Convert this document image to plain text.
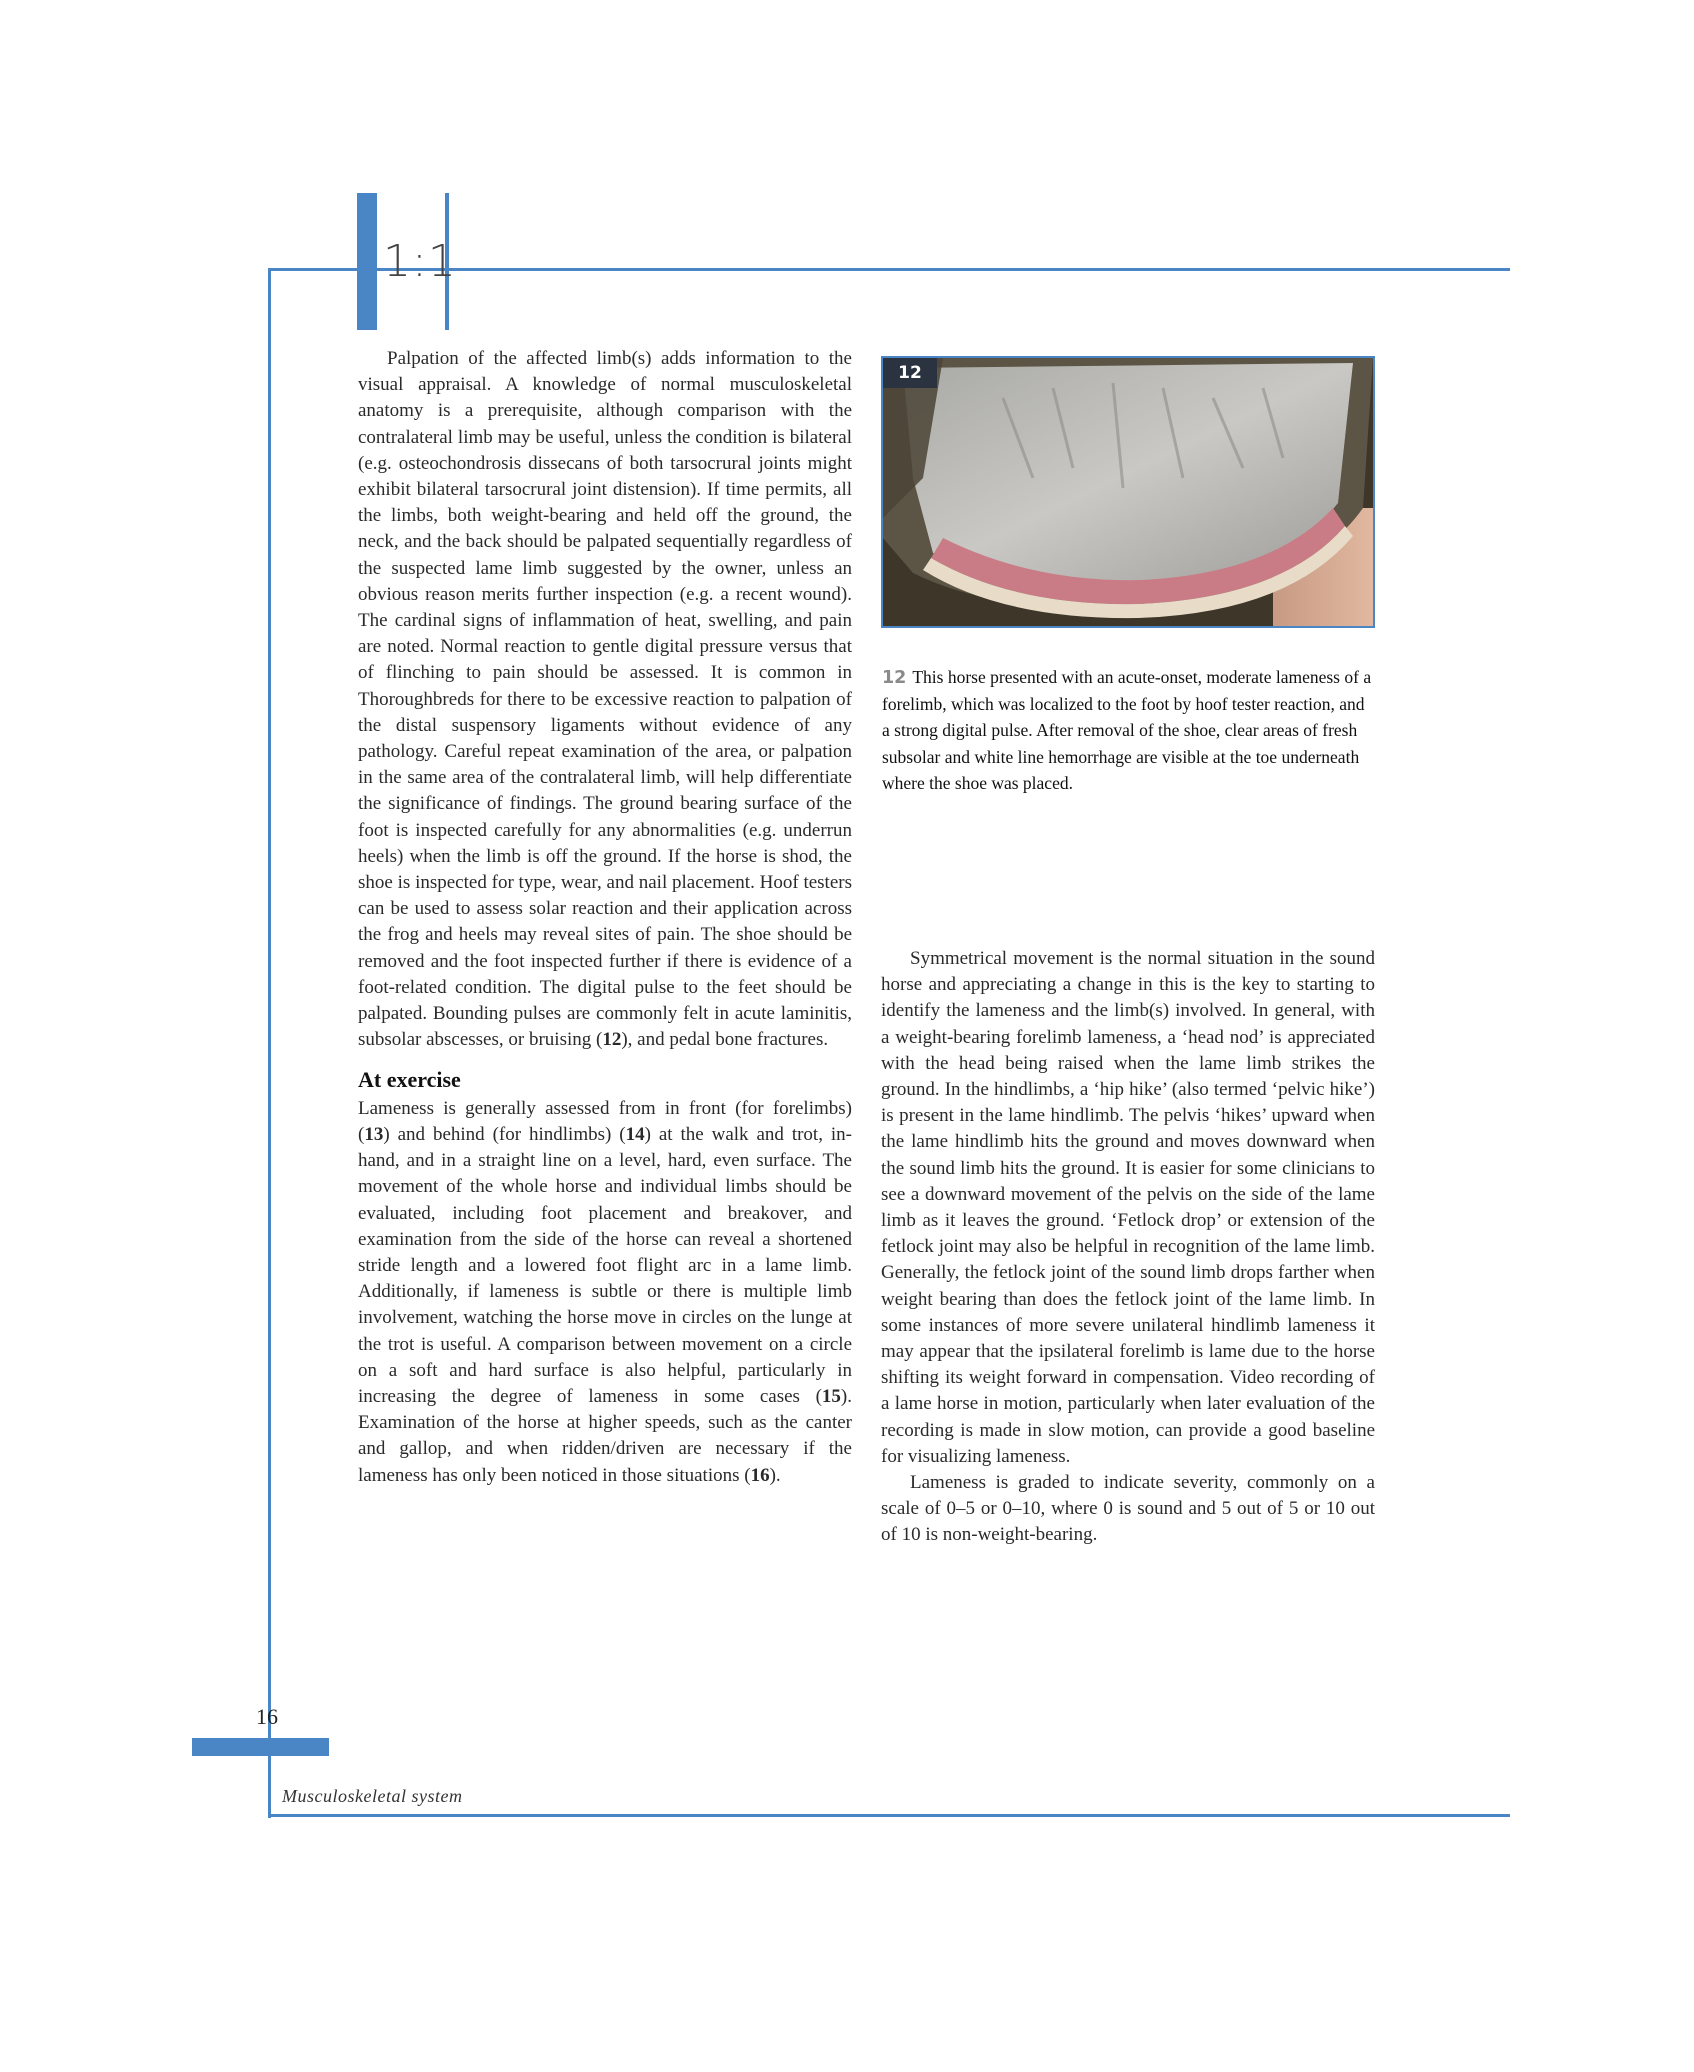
1:1

Palpation of the affected limb(s) adds information to the visual appraisal. A knowledge of normal musculoskeletal anatomy is a prerequisite, although comparison with the contralateral limb may be useful, unless the condition is bilateral (e.g. osteochondrosis dissecans of both tarsocrural joints might exhibit bilateral tarsocrural joint distension). If time permits, all the limbs, both weight-bearing and held off the ground, the neck, and the back should be palpated sequentially regardless of the suspected lame limb suggested by the owner, unless an obvious reason merits further inspection (e.g. a recent wound). The cardinal signs of inflammation of heat, swelling, and pain are noted. Normal reaction to gentle digital pressure versus that of flinching to pain should be assessed. It is common in Thoroughbreds for there to be excessive reaction to palpation of the distal suspensory ligaments without evidence of any pathology. Careful repeat examination of the area, or palpation in the same area of the contralateral limb, will help differentiate the significance of findings. The ground bearing surface of the foot is inspected carefully for any abnormalities (e.g. underrun heels) when the limb is off the ground. If the horse is shod, the shoe is inspected for type, wear, and nail placement. Hoof testers can be used to assess solar reaction and their application across the frog and heels may reveal sites of pain. The shoe should be removed and the foot inspected further if there is evidence of a foot-related condition. The digital pulse to the feet should be palpated. Bounding pulses are commonly felt in acute laminitis, subsolar abscesses, or bruising (12), and pedal bone fractures.

At exercise

Lameness is generally assessed from in front (for forelimbs) (13) and behind (for hindlimbs) (14) at the walk and trot, in-hand, and in a straight line on a level, hard, even surface. The movement of the whole horse and individual limbs should be evaluated, including foot placement and breakover, and examination from the side of the horse can reveal a shortened stride length and a lowered foot flight arc in a lame limb. Additionally, if lameness is subtle or there is multiple limb involvement, watching the horse move in circles on the lunge at the trot is useful. A comparison between movement on a circle on a soft and hard surface is also helpful, particularly in increasing the degree of lameness in some cases (15). Examination of the horse at higher speeds, such as the canter and gallop, and when ridden/driven are necessary if the lameness has only been noticed in those situations (16).

12
12 This horse presented with an acute-onset, moderate lameness of a forelimb, which was localized to the foot by hoof tester reaction, and a strong digital pulse. After removal of the shoe, clear areas of fresh subsolar and white line hemorrhage are visible at the toe underneath where the shoe was placed.

Symmetrical movement is the normal situation in the sound horse and appreciating a change in this is the key to starting to identify the lameness and the limb(s) involved. In general, with a weight-bearing forelimb lameness, a ‘head nod’ is appreciated with the head being raised when the lame limb strikes the ground. In the hindlimbs, a ‘hip hike’ (also termed ‘pelvic hike’) is present in the lame hindlimb. The pelvis ‘hikes’ upward when the lame hindlimb hits the ground and moves downward when the sound limb hits the ground. It is easier for some clinicians to see a downward movement of the pelvis on the side of the lame limb as it leaves the ground. ‘Fetlock drop’ or extension of the fetlock joint may also be helpful in recognition of the lame limb. Generally, the fetlock joint of the sound limb drops farther when weight bearing than does the fetlock joint of the lame limb. In some instances of more severe unilateral hindlimb lameness it may appear that the ipsilateral forelimb is lame due to the horse shifting its weight forward in compensation. Video recording of a lame horse in motion, particularly when later evaluation of the recording is made in slow motion, can provide a good baseline for visualizing lameness.

Lameness is graded to indicate severity, commonly on a scale of 0–5 or 0–10, where 0 is sound and 5 out of 5 or 10 out of 10 is non-weight-bearing.

16
Musculoskeletal system
